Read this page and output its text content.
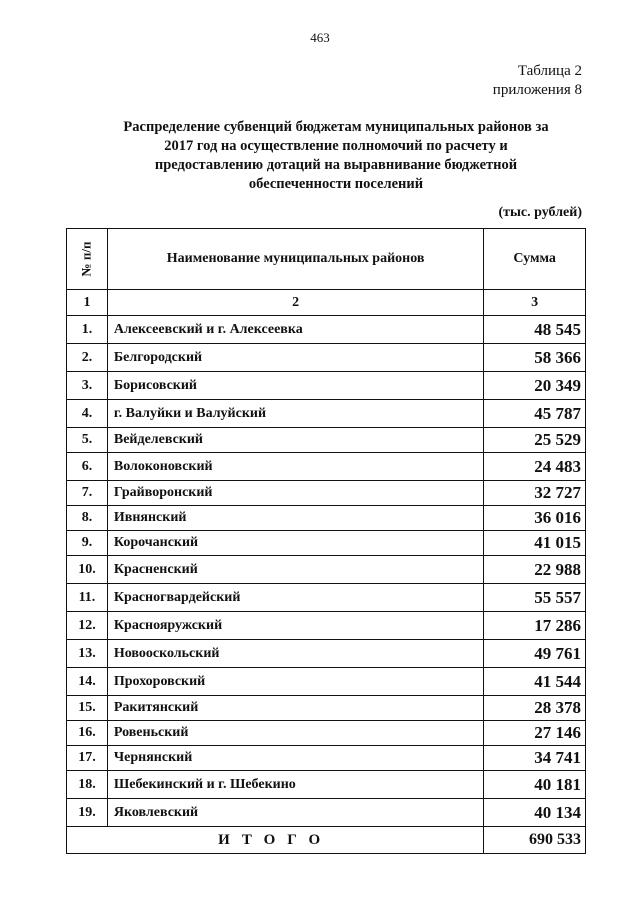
463
Таблица 2
приложения 8
Распределение субвенций бюджетам муниципальных районов за
2017 год на осуществление полномочий по расчету и
предоставлению дотаций на выравнивание бюджетной
обеспеченности поселений
(тыс. рублей)
№ п/п	Наименование муниципальных районов	Сумма
1	2	3
1.	Алексеевский и г. Алексеевка	48 545
2.	Белгородский	58 366
3.	Борисовский	20 349
4.	г. Валуйки и Валуйский	45 787
5.	Вейделевский	25 529
6.	Волоконовский	24 483
7.	Грайворонский	32 727
8.	Ивнянский	36 016
9.	Корочанский	41 015
10.	Красненский	22 988
11.	Красногвардейский	55 557
12.	Краснояружский	17 286
13.	Новооскольский	49 761
14.	Прохоровский	41 544
15.	Ракитянский	28 378
16.	Ровеньский	27 146
17.	Чернянский	34 741
18.	Шебекинский и г. Шебекино	40 181
19.	Яковлевский	40 134
ИТОГО		690 533
